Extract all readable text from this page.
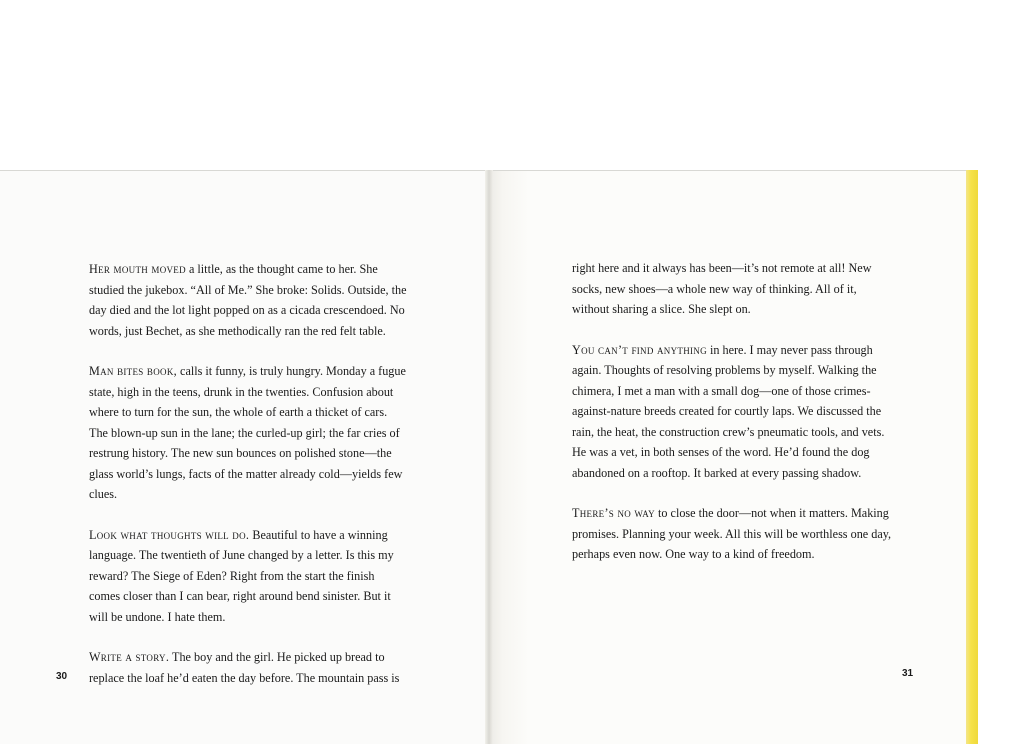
Her mouth moved a little, as the thought came to her. She studied the jukebox. “All of Me.” She broke: Solids. Outside, the day died and the lot light popped on as a cicada crescendoed. No words, just Bechet, as she methodically ran the red felt table.

Man bites book, calls it funny, is truly hungry. Monday a fugue state, high in the teens, drunk in the twenties. Confusion about where to turn for the sun, the whole of earth a thicket of cars. The blown-up sun in the lane; the curled-up girl; the far cries of restrung history. The new sun bounces on polished stone—the glass world’s lungs, facts of the matter already cold—yields few clues.

Look what thoughts will do. Beautiful to have a winning language. The twentieth of June changed by a letter. Is this my reward? The Siege of Eden? Right from the start the finish comes closer than I can bear, right around bend sinister. But it will be undone. I hate them.

Write a story. The boy and the girl. He picked up bread to replace the loaf he’d eaten the day before. The mountain pass is

30

right here and it always has been—it’s not remote at all! New socks, new shoes—a whole new way of thinking. All of it, without sharing a slice. She slept on.

You can’t find anything in here. I may never pass through again. Thoughts of resolving problems by myself. Walking the chimera, I met a man with a small dog—one of those crimes-against-nature breeds created for courtly laps. We discussed the rain, the heat, the construction crew’s pneumatic tools, and vets. He was a vet, in both senses of the word. He’d found the dog abandoned on a rooftop. It barked at every passing shadow.

There’s no way to close the door—not when it matters. Making promises. Planning your week. All this will be worthless one day, perhaps even now. One way to a kind of freedom.

31
